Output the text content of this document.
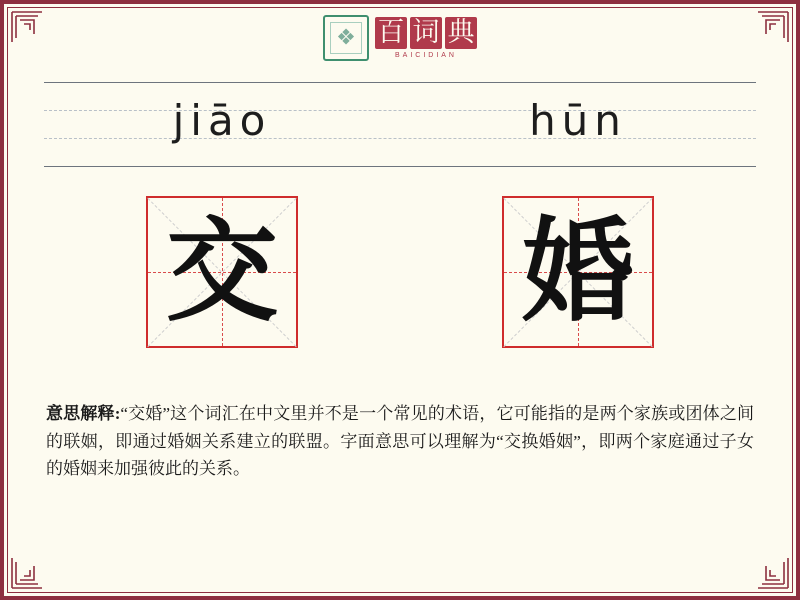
❖ 百 词 典
BAICIDIAN
jiāo	hūn
交 婚
意思解释:“交婚”这个词汇在中文里并不是一个常见的术语，它可能指的是两个家族或团体之间的联姻，即通过婚姻关系建立的联盟。字面意思可以理解为“交换婚姻”，即两个家庭通过子女的婚姻来加强彼此的关系。
